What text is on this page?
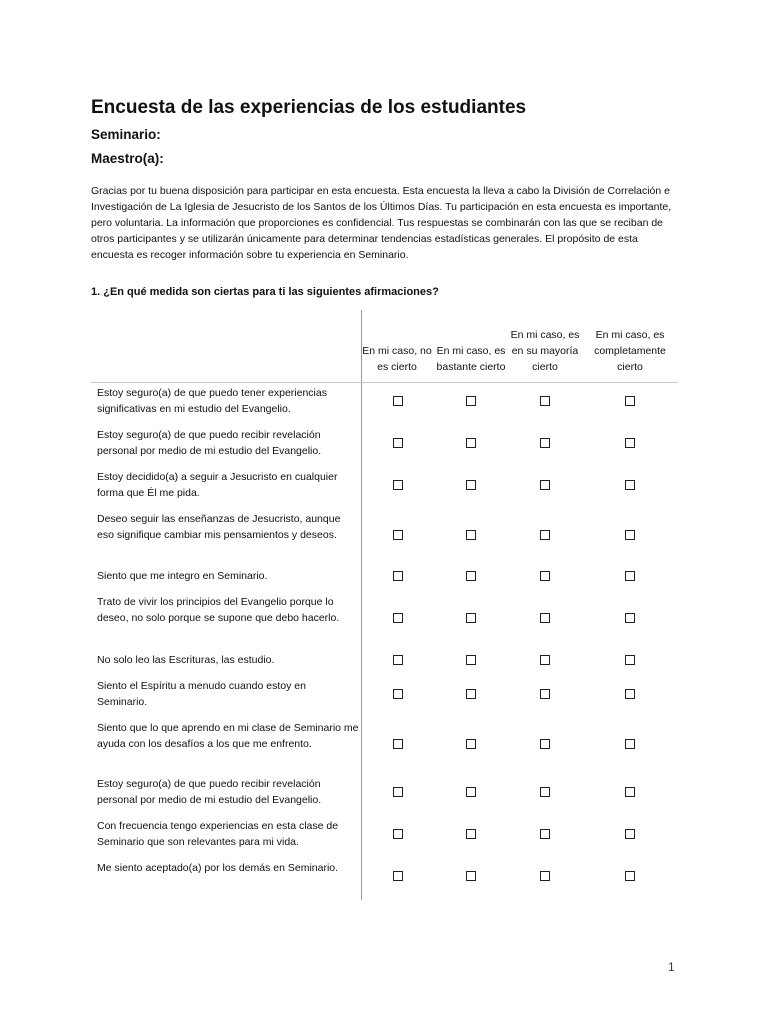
Encuesta de las experiencias de los estudiantes
Seminario:
Maestro(a):

Gracias por tu buena disposición para participar en esta encuesta. Esta encuesta la lleva a cabo la División de Correlación e Investigación de La Iglesia de Jesucristo de los Santos de los Últimos Días. Tu participación en esta encuesta es importante, pero voluntaria. La información que proporciones es confidencial. Tus respuestas se combinarán con las que se reciban de otros participantes y se utilizarán únicamente para determinar tendencias estadísticas generales. El propósito de esta encuesta es recoger información sobre tu experiencia en Seminario.

1. ¿En qué medida son ciertas para ti las siguientes afirmaciones?
En mi caso, no es cierto
En mi caso, es bastante cierto
En mi caso, es en su mayoría cierto
En mi caso, es completamente cierto
Estoy seguro(a) de que puedo tener experiencias significativas en mi estudio del Evangelio.
Estoy seguro(a) de que puedo recibir revelación personal por medio de mi estudio del Evangelio.
Estoy decidido(a) a seguir a Jesucristo en cualquier forma que Él me pida.
Deseo seguir las enseñanzas de Jesucristo, aunque eso signifique cambiar mis pensamientos y deseos.
Siento que me integro en Seminario.
Trato de vivir los principios del Evangelio porque lo deseo, no solo porque se supone que debo hacerlo.
No solo leo las Escrituras, las estudio.
Siento el Espíritu a menudo cuando estoy en Seminario.
Siento que lo que aprendo en mi clase de Seminario me ayuda con los desafíos a los que me enfrento.
Estoy seguro(a) de que puedo recibir revelación personal por medio de mi estudio del Evangelio.
Con frecuencia tengo experiencias en esta clase de Seminario que son relevantes para mi vida.
Me siento aceptado(a) por los demás en Seminario.
1
